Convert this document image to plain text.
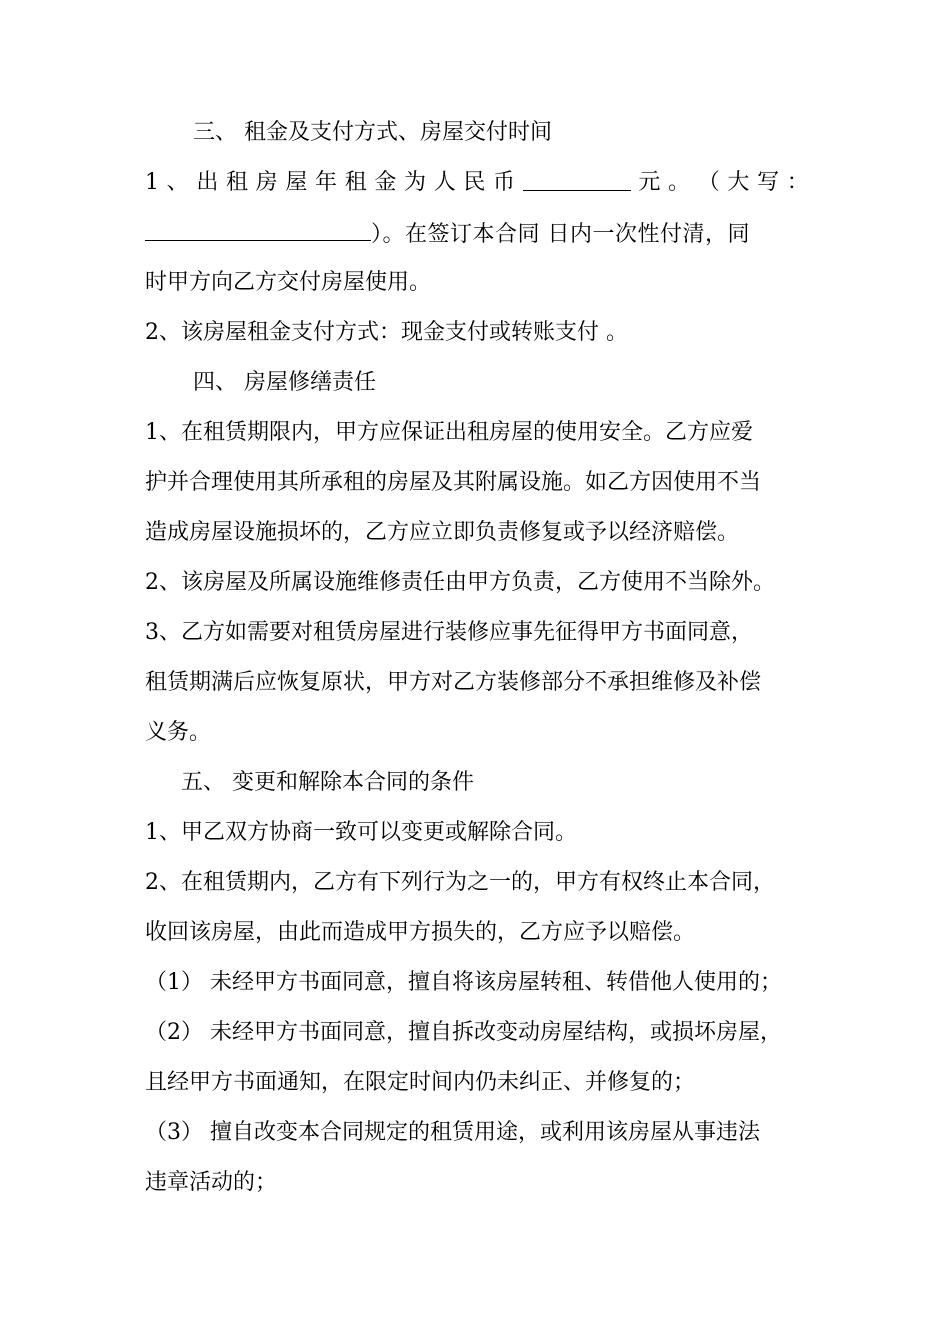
三、 租金及支付方式、房屋交付时间
1 、 出 租 房 屋 年 租 金 为 人 民 币	元 。 （ 大 写 ：
）。在签订本合同 日内一次性付清，同
时甲方向乙方交付房屋使用。
2、该房屋租金支付方式：现金支付或转账支付 。
四、 房屋修缮责任
1、在租赁期限内，甲方应保证出租房屋的使用安全。乙方应爱
护并合理使用其所承租的房屋及其附属设施。如乙方因使用不当
造成房屋设施损坏的，乙方应立即负责修复或予以经济赔偿。
2、该房屋及所属设施维修责任由甲方负责，乙方使用不当除外。
3、乙方如需要对租赁房屋进行装修应事先征得甲方书面同意，
租赁期满后应恢复原状，甲方对乙方装修部分不承担维修及补偿
义务。
五、 变更和解除本合同的条件
1、甲乙双方协商一致可以变更或解除合同。
2、在租赁期内，乙方有下列行为之一的，甲方有权终止本合同，
收回该房屋，由此而造成甲方损失的，乙方应予以赔偿。
（1） 未经甲方书面同意，擅自将该房屋转租、转借他人使用的；
（2） 未经甲方书面同意，擅自拆改变动房屋结构，或损坏房屋，
且经甲方书面通知，在限定时间内仍未纠正、并修复的；
（3） 擅自改变本合同规定的租赁用途，或利用该房屋从事违法
违章活动的；
